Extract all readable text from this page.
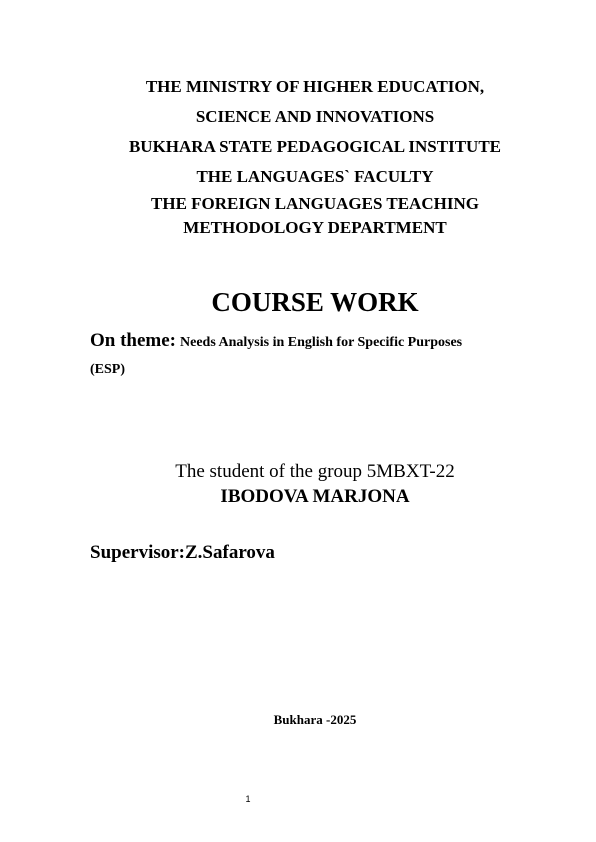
THE MINISTRY OF HIGHER EDUCATION,
SCIENCE AND INNOVATIONS
BUKHARA STATE PEDAGOGICAL INSTITUTE
THE LANGUAGES` FACULTY
THE FOREIGN LANGUAGES TEACHING
METHODOLOGY DEPARTMENT
COURSE WORK
On theme: Needs Analysis in English for Specific Purposes
(ESP)
The student of the group 5MBXT-22
IBODOVA MARJONA
Supervisor:Z.Safarova
Bukhara -2025
1
